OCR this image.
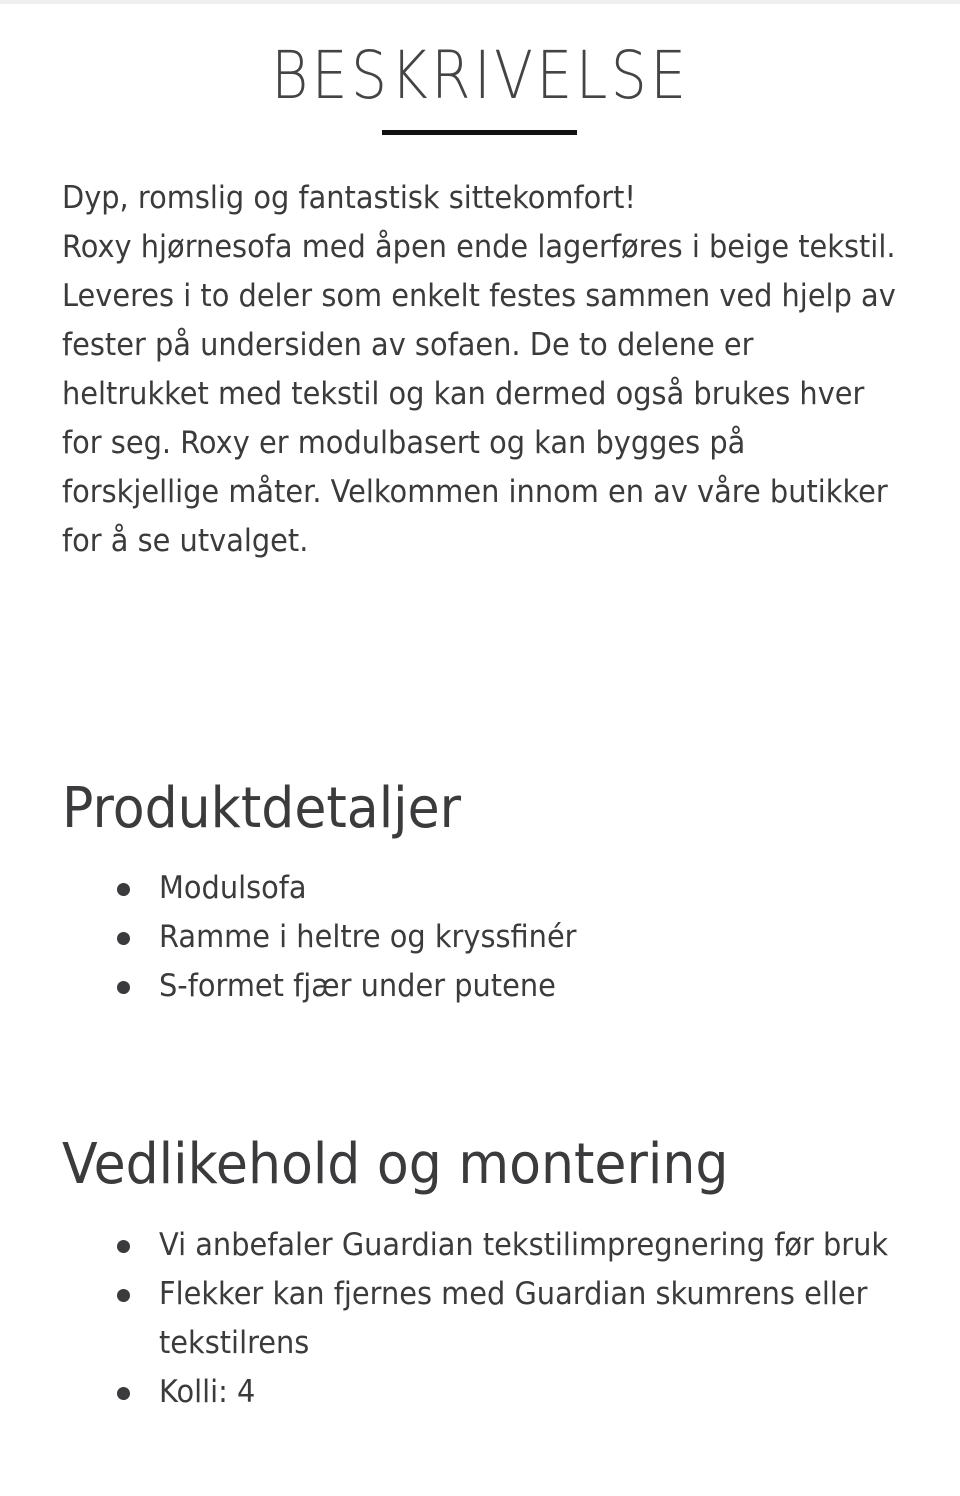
BESKRIVELSE

Dyp, romslig og fantastisk sittekomfort!

Roxy hjørnesofa med åpen ende lagerføres i beige tekstil.

Leveres i to deler som enkelt festes sammen ved hjelp av fester på undersiden av sofaen. De to delene er heltrukket med tekstil og kan dermed også brukes hver for seg. Roxy er modulbasert og kan bygges på forskjellige måter. Velkommen innom en av våre butikker for å se utvalget.

Produktdetaljer
Modulsofa
Ramme i heltre og kryssfinér
S-formet fjær under putene
Vedlikehold og montering
Vi anbefaler Guardian tekstilimpregnering før bruk
Flekker kan fjernes med Guardian skumrens eller tekstilrens
Kolli: 4
